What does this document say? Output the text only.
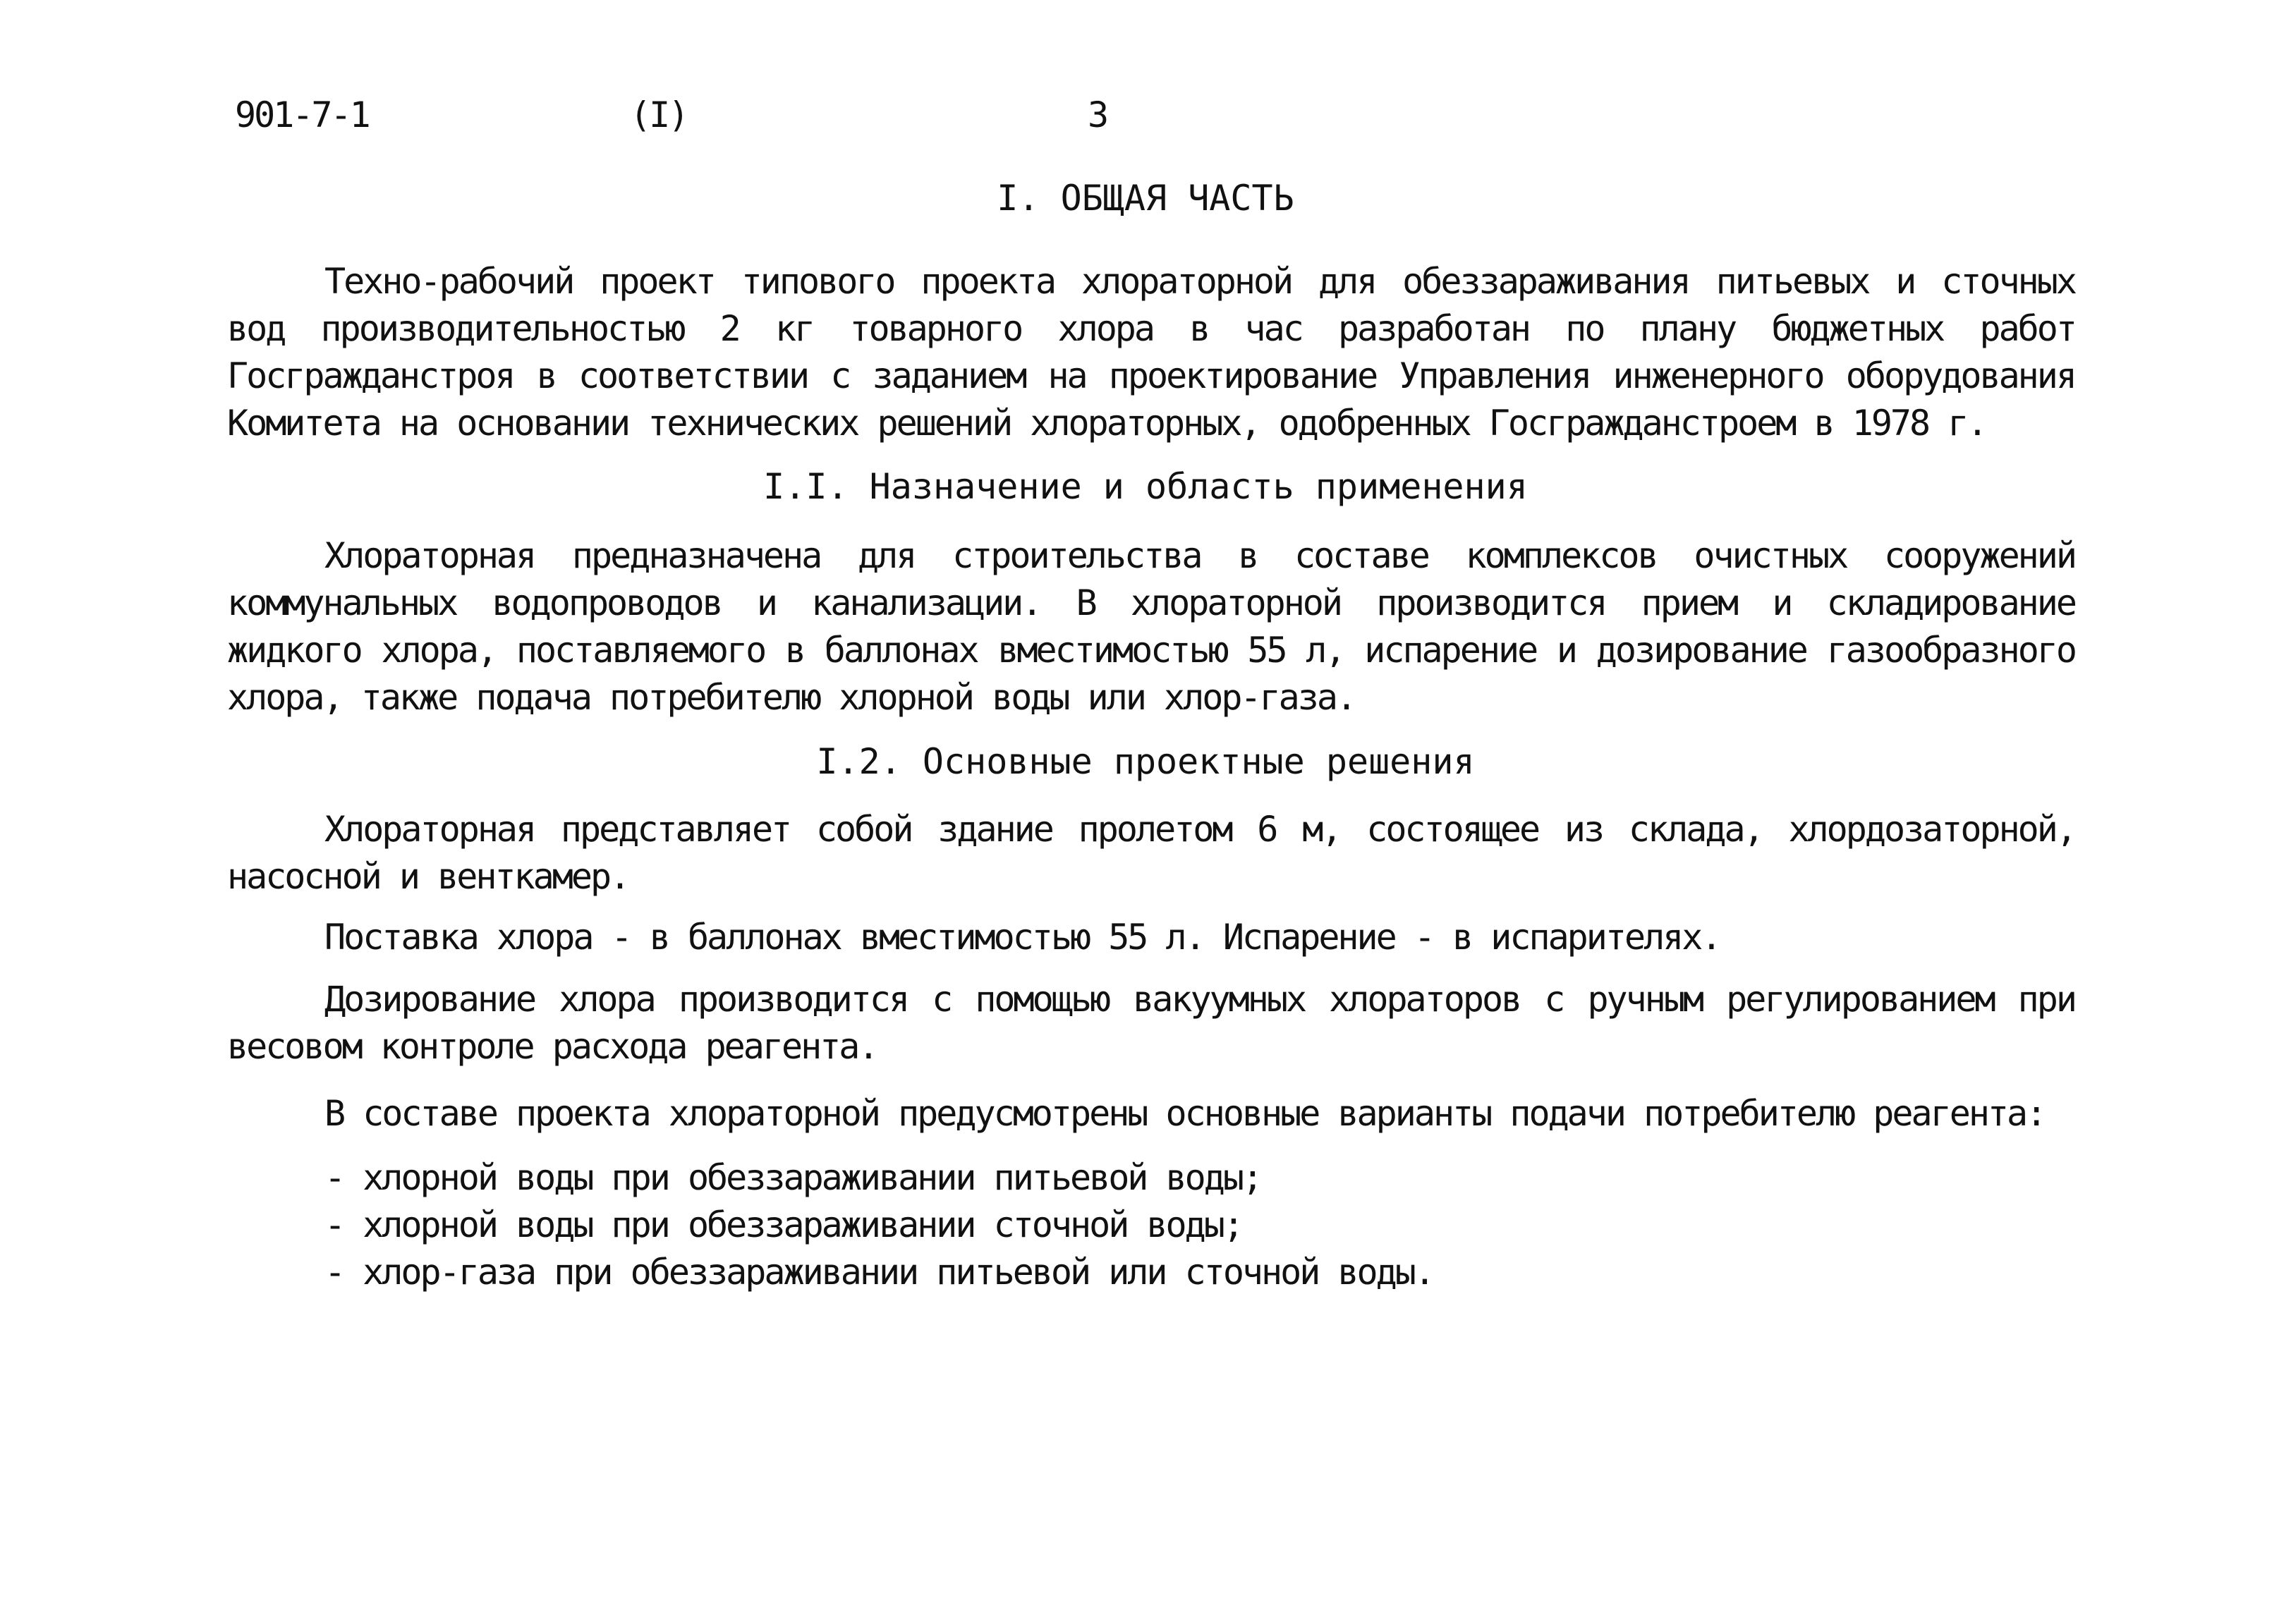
901-7-1	(I)	3
I. ОБЩАЯ ЧАСТЬ
Техно-рабочий проект типового проекта хлораторной для обеззараживания питьевых и сточных вод производительностью 2 кг товарного хлора в час разработан по плану бюджетных работ Госгражданстроя в соответствии с заданием на проектирование Управления инженерного оборудования Комитета на основании технических решений хлораторных, одобренных Госгражданстроем в 1978 г.
I.I. Назначение и область применения
Хлораторная предназначена для строительства в составе комплексов очистных сооружений коммунальных водопроводов и канализации. В хлораторной производится прием и складирование жидкого хлора, поставляемого в баллонах вместимостью 55 л, испарение и дозирование газообразного хлора, также подача потребителю хлорной воды или хлор-газа.
I.2. Основные проектные решения
Хлораторная представляет собой здание пролетом 6 м, состоящее из склада, хлордозаторной, насосной и венткамер.
Поставка хлора - в баллонах вместимостью 55 л. Испарение - в испарителях.
Дозирование хлора производится с помощью вакуумных хлораторов с ручным регулированием при весовом контроле расхода реагента.
В составе проекта хлораторной предусмотрены основные варианты подачи потребителю реагента:
- хлорной воды при обеззараживании питьевой воды;
- хлорной воды при обеззараживании сточной воды;
- хлор-газа при обеззараживании питьевой или сточной воды.
